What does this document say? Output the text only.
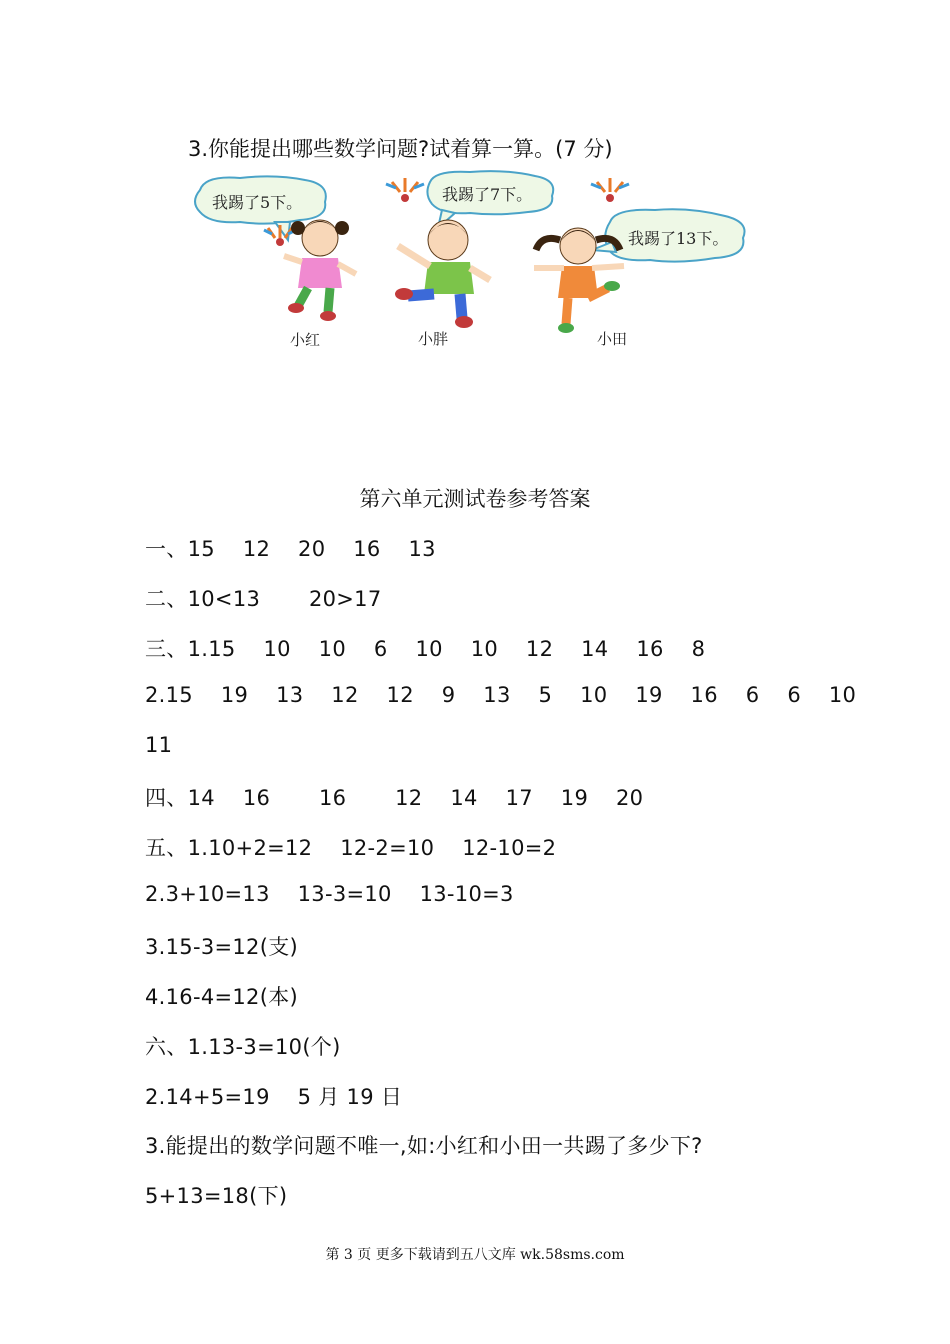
3.你能提出哪些数学问题?试着算一算。(7 分)
我踢了5下。	我踢了7下。
我踢了13下。
小红	小胖	小田
第六单元测试卷参考答案
一、15    12    20    16    13
二、10<13       20>17
三、1.15    10    10    6    10    10    12    14    16    8
2.15    19    13    12    12    9    13    5    10    19    16    6    6    10
11
四、14    16       16       12    14    17    19    20
五、1.10+2=12    12-2=10    12-10=2
2.3+10=13    13-3=10    13-10=3
3.15-3=12(支)
4.16-4=12(本)
六、1.13-3=10(个)
2.14+5=19    5 月 19 日
3.能提出的数学问题不唯一,如:小红和小田一共踢了多少下?
5+13=18(下)
第 3 页 更多下载请到五八文库 wk.58sms.com
